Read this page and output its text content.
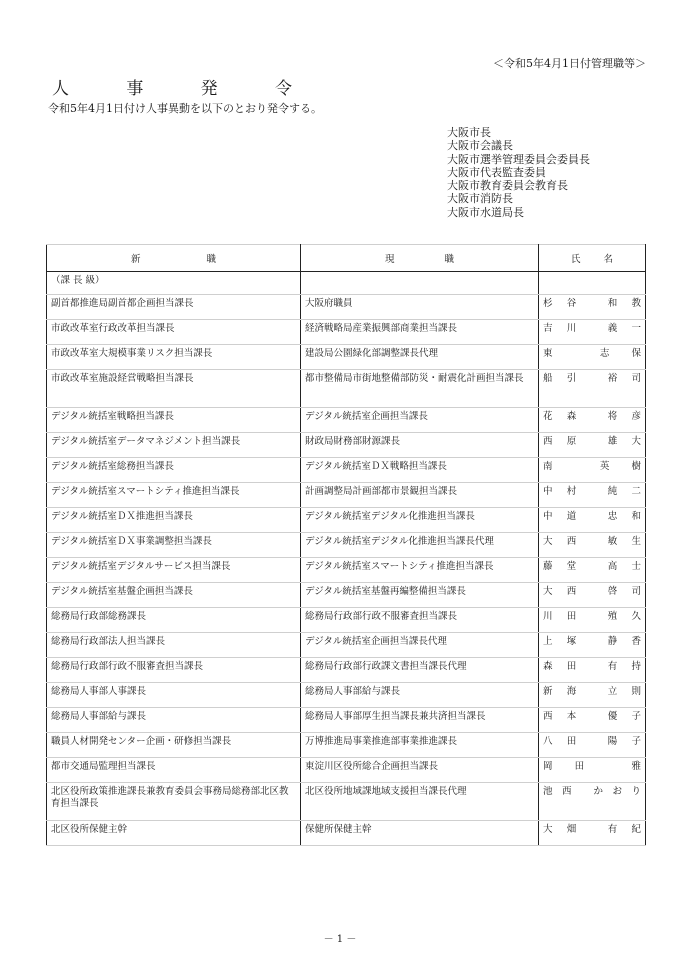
＜令和5年4月1日付管理職等＞
人	事	発	令
令和5年4月1日付け人事異動を以下のとおり発令する。
大阪市長
大阪市会議長
大阪市選挙管理委員会委員長
大阪市代表監査委員
大阪市教育委員会教育長
大阪市消防長
大阪市水道局長
新 職	現 職	氏 名

（課 長 級）		
副首都推進局副首都企画担当課長	大阪府職員	杉谷 和教
市政改革室行政改革担当課長	経済戦略局産業振興部商業担当課長	吉川 義一
市政改革室大規模事業リスク担当課長	建設局公園緑化部調整課長代理	東 志保
市政改革室施設経営戦略担当課長	都市整備局市街地整備部防災・耐震化計画担当課長	船引 裕司
デジタル統括室戦略担当課長	デジタル統括室企画担当課長	花森 将彦
デジタル統括室データマネジメント担当課長	財政局財務部財源課長	西原 雄大
デジタル統括室総務担当課長	デジタル統括室ＤＸ戦略担当課長	南 英樹
デジタル統括室スマートシティ推進担当課長	計画調整局計画部都市景観担当課長	中村 純二
デジタル統括室ＤＸ推進担当課長	デジタル統括室デジタル化推進担当課長	中道 忠和
デジタル統括室ＤＸ事業調整担当課長	デジタル統括室デジタル化推進担当課長代理	大西 敏生
デジタル統括室デジタルサービス担当課長	デジタル統括室スマートシティ推進担当課長	藤堂 高士
デジタル統括室基盤企画担当課長	デジタル統括室基盤再編整備担当課長	大西 啓司
総務局行政部総務課長	総務局行政部行政不服審査担当課長	川田 殖久
総務局行政部法人担当課長	デジタル統括室企画担当課長代理	上塚 静香
総務局行政部行政不服審査担当課長	総務局行政部行政課文書担当課長代理	森田 有持
総務局人事部人事課長	総務局人事部給与課長	新海 立則
総務局人事部給与課長	総務局人事部厚生担当課長兼共済担当課長	西本 優子
職員人材開発センター企画・研修担当課長	万博推進局事業推進部事業推進課長	八田 陽子
都市交通局監理担当課長	東淀川区役所総合企画担当課長	岡田 雅
北区役所政策推進課長兼教育委員会事務局総務部北区教育担当課長	北区役所地域課地域支援担当課長代理	池西 かおり
北区役所保健主幹	保健所保健主幹	大畑 有紀
－ 1 －
